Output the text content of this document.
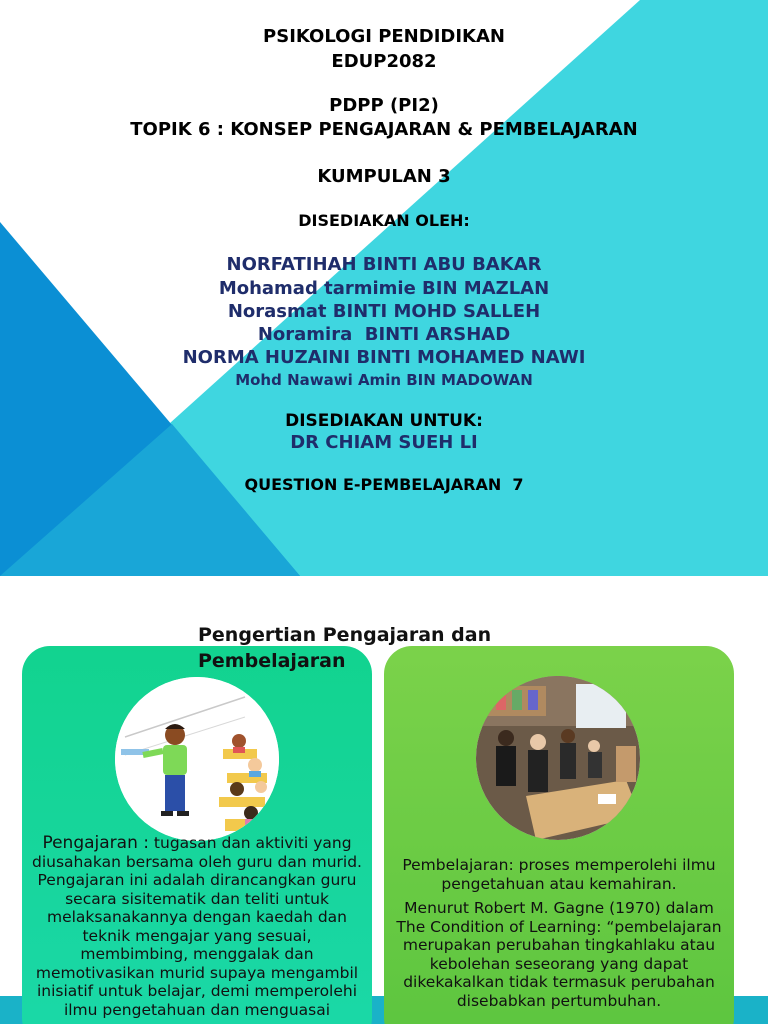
PSIKOLOGI PENDIDIKAN
EDUP2082
PDPP (PI2)
TOPIK 6 : KONSEP PENGAJARAN & PEMBELAJARAN
KUMPULAN 3
DISEDIAKAN OLEH:
NORFATIHAH BINTI ABU BAKAR
Mohamad tarmimie BIN MAZLAN
Norasmat BINTI MOHD SALLEH
Noramira  BINTI ARSHAD
NORMA HUZAINI BINTI MOHAMED NAWI
Mohd Nawawi Amin BIN MADOWAN
DISEDIAKAN UNTUK:
DR CHIAM SUEH LI
QUESTION E-PEMBELAJARAN  7
Pengertian Pengajaran dan Pembelajaran
Pengajaran : tugasan dan aktiviti yang diusahakan bersama oleh guru dan murid. Pengajaran ini adalah dirancangkan guru secara sisitematik dan teliti untuk melaksanakannya dengan kaedah dan teknik mengajar yang sesuai, membimbing, menggalak dan memotivasikan murid supaya mengambil inisiatif untuk belajar, demi memperolehi ilmu pengetahuan dan menguasai

Pembelajaran: proses memperolehi ilmu pengetahuan atau kemahiran.

Menurut Robert M. Gagne (1970) dalam The Condition of Learning: “pembelajaran merupakan perubahan tingkahlaku atau kebolehan seseorang yang dapat dikekakalkan tidak termasuk perubahan disebabkan pertumbuhan.
